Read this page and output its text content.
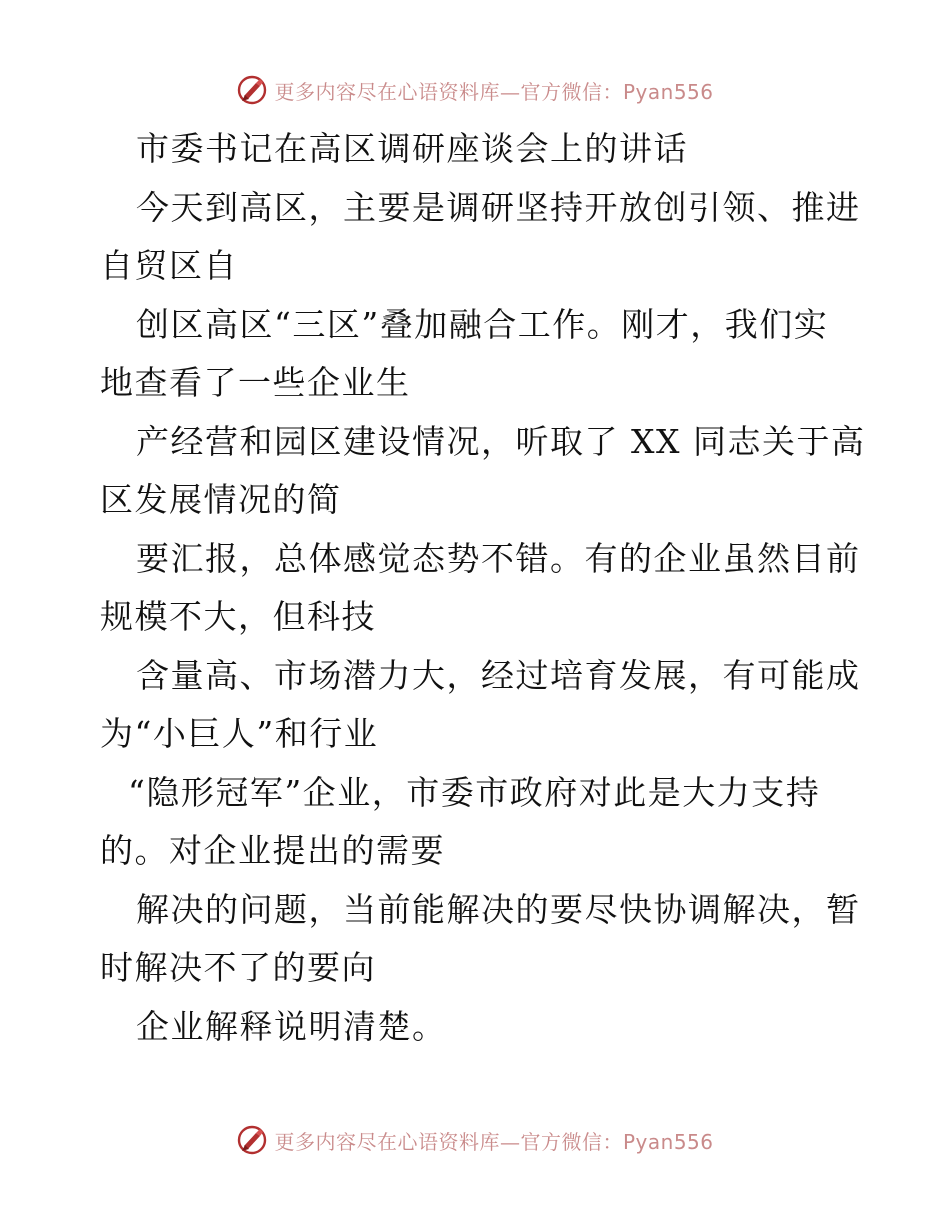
更多内容尽在心语资料库—官方微信：Pyan556
市委书记在高区调研座谈会上的讲话
今天到高区，主要是调研坚持开放创引领、推进
自贸区自
创区高区“三区”叠加融合工作。刚才，我们实
地查看了一些企业生
产经营和园区建设情况，听取了 XX 同志关于高
区发展情况的简
要汇报，总体感觉态势不错。有的企业虽然目前
规模不大，但科技
含量高、市场潜力大，经过培育发展，有可能成
为“小巨人”和行业
“隐形冠军”企业，市委市政府对此是大力支持
的。对企业提出的需要
解决的问题，当前能解决的要尽快协调解决，暂
时解决不了的要向
企业解释说明清楚。
更多内容尽在心语资料库—官方微信：Pyan556
